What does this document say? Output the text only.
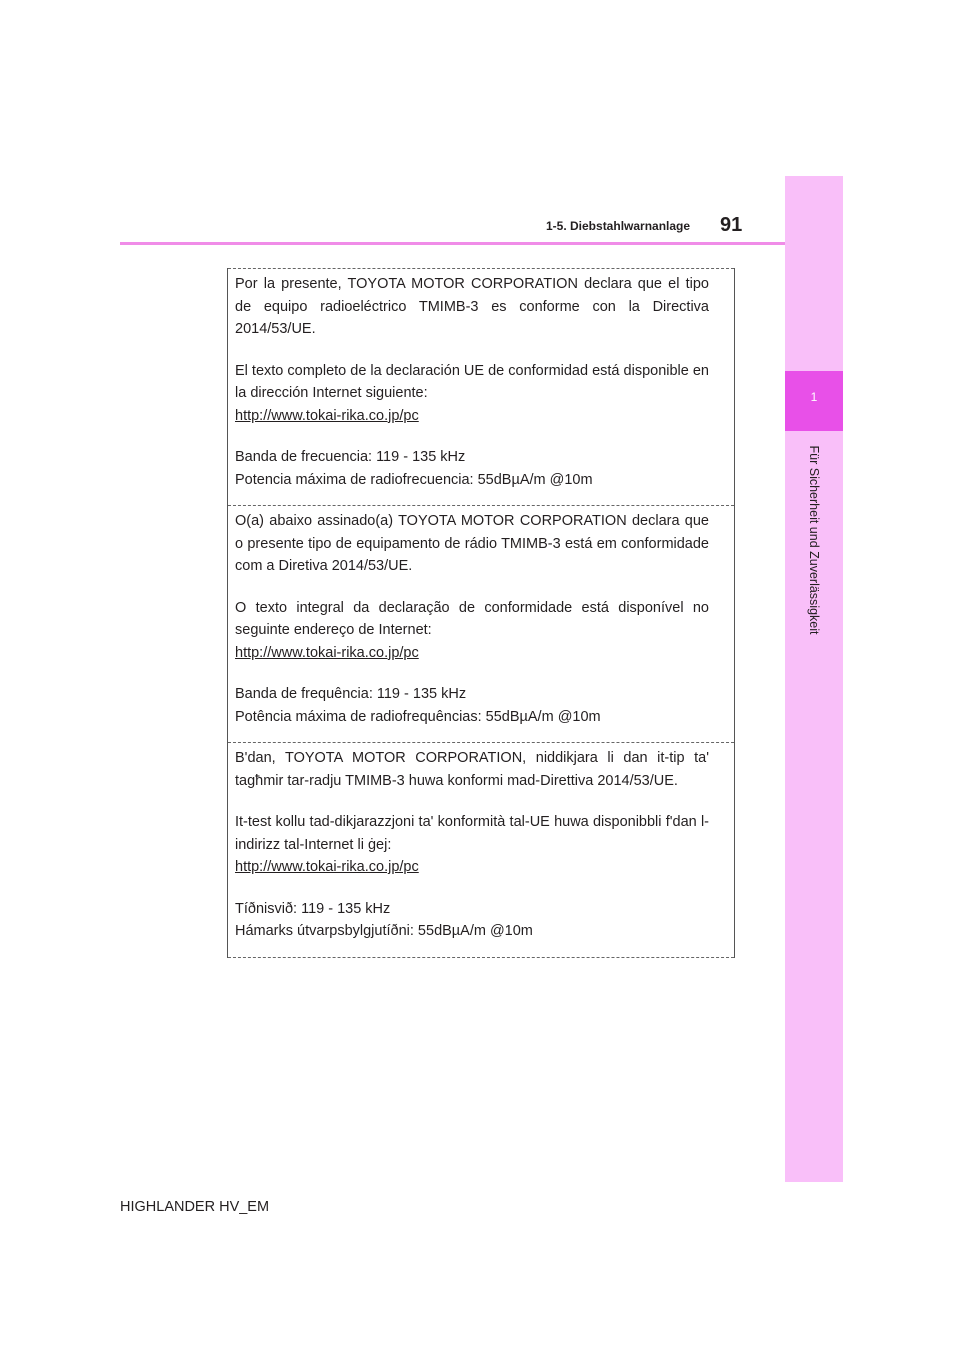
1
Für Sicherheit und Zuverlässigkeit
1-5. Diebstahlwarnanlage 91

Por la presente, TOYOTA MOTOR CORPORATION declara que el tipo de equipo radioeléctrico TMIMB-3 es conforme con la Directiva 2014/53/UE.

El texto completo de la declaración UE de conformidad está disponible en la dirección Internet siguiente:
http://www.tokai-rika.co.jp/pc

Banda de frecuencia: 119 - 135 kHz
Potencia máxima de radiofrecuencia: 55dBµA/m @10m

O(a) abaixo assinado(a) TOYOTA MOTOR CORPORATION declara que o presente tipo de equipamento de rádio TMIMB-3 está em conformidade com a Diretiva 2014/53/UE.

O texto integral da declaração de conformidade está disponível no seguinte endereço de Internet:
http://www.tokai-rika.co.jp/pc

Banda de frequência: 119 - 135 kHz
Potência máxima de radiofrequências: 55dBµA/m @10m

B'dan, TOYOTA MOTOR CORPORATION, niddikjara li dan it-tip ta' tagħmir tar-radju TMIMB-3 huwa konformi mad-Direttiva 2014/53/UE.

It-test kollu tad-dikjarazzjoni ta' konformità tal-UE huwa disponibbli f'dan l-indirizz tal-Internet li ġej:
http://www.tokai-rika.co.jp/pc

Tíðnisvið: 119 - 135 kHz
Hámarks útvarpsbylgjutíðni: 55dBµA/m @10m

HIGHLANDER HV_EM
